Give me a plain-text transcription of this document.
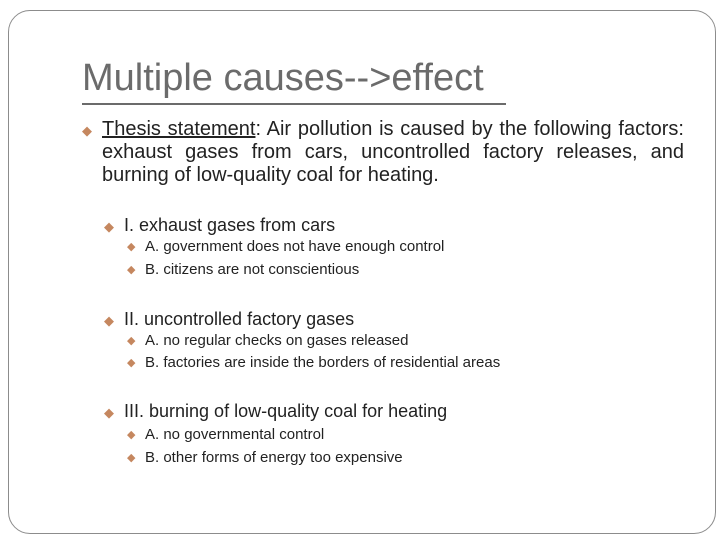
Multiple causes-->effect
◆ Thesis statement: Air pollution is caused by the following factors: exhaust gases from cars, uncontrolled factory releases, and burning of low-quality coal for heating.

◆ I. exhaust gases from cars

◆ A. government does not have enough control

◆ B. citizens are not conscientious

◆ II. uncontrolled factory gases

◆ A. no regular checks on gases released

◆ B. factories are inside the borders of residential areas

◆ III. burning of low-quality coal for heating

◆ A. no governmental control

◆ B. other forms of energy too expensive
